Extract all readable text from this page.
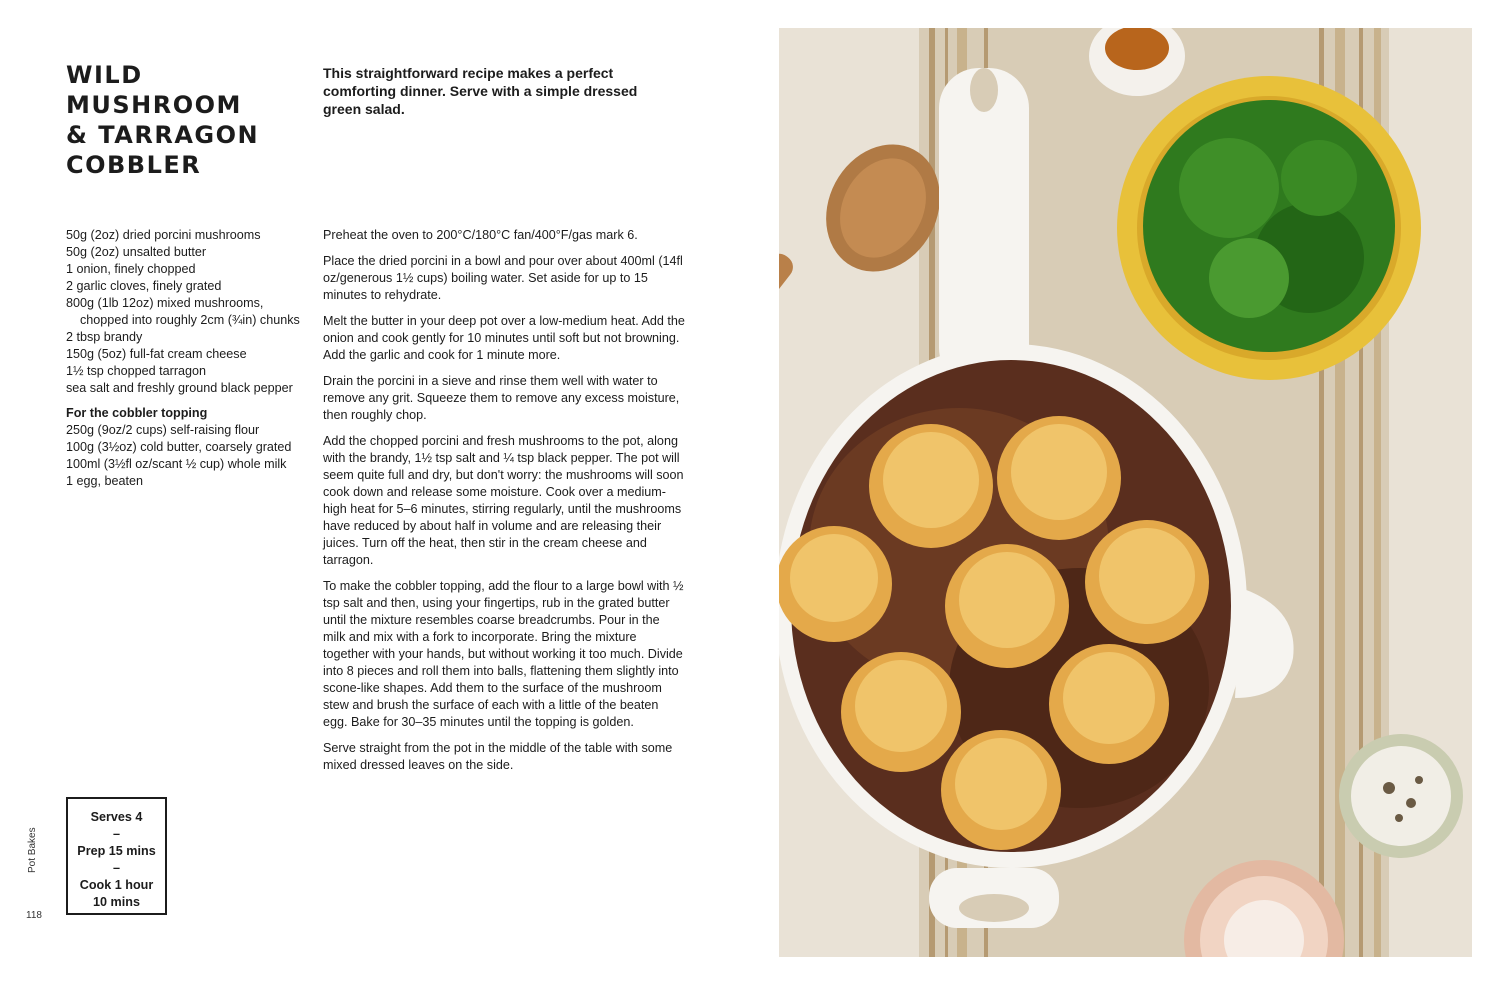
WILD
MUSHROOM
& TARRAGON
COBBLER

This straightforward recipe makes a perfect comforting dinner. Serve with a simple dressed green salad.

50g (2oz) dried porcini mushrooms
50g (2oz) unsalted butter
1 onion, finely chopped
2 garlic cloves, finely grated
800g (1lb 12oz) mixed mushrooms, chopped into roughly 2cm (¾in) chunks
2 tbsp brandy
150g (5oz) full-fat cream cheese
1½ tsp chopped tarragon
sea salt and freshly ground black pepper
For the cobbler topping
250g (9oz/2 cups) self-raising flour
100g (3½oz) cold butter, coarsely grated
100ml (3½fl oz/scant ½ cup) whole milk
1 egg, beaten

Preheat the oven to 200°C/180°C fan/400°F/gas mark 6.

Place the dried porcini in a bowl and pour over about 400ml (14fl oz/generous 1½ cups) boiling water. Set aside for up to 15 minutes to rehydrate.

Melt the butter in your deep pot over a low-medium heat. Add the onion and cook gently for 10 minutes until soft but not browning. Add the garlic and cook for 1 minute more.

Drain the porcini in a sieve and rinse them well with water to remove any grit. Squeeze them to remove any excess moisture, then roughly chop.

Add the chopped porcini and fresh mushrooms to the pot, along with the brandy, 1½ tsp salt and ¼ tsp black pepper. The pot will seem quite full and dry, but don't worry: the mushrooms will soon cook down and release some moisture. Cook over a medium-high heat for 5–6 minutes, stirring regularly, until the mushrooms have reduced by about half in volume and are releasing their juices. Turn off the heat, then stir in the cream cheese and tarragon.

To make the cobbler topping, add the flour to a large bowl with ½ tsp salt and then, using your fingertips, rub in the grated butter until the mixture resembles coarse breadcrumbs. Pour in the milk and mix with a fork to incorporate. Bring the mixture together with your hands, but without working it too much. Divide into 8 pieces and roll them into balls, flattening them slightly into scone-like shapes. Add them to the surface of the mushroom stew and brush the surface of each with a little of the beaten egg. Bake for 30–35 minutes until the topping is golden.

Serve straight from the pot in the middle of the table with some mixed dressed leaves on the side.

Serves 4
–
Prep 15 mins
–
Cook 1 hour
10 mins
Pot Bakes
118
